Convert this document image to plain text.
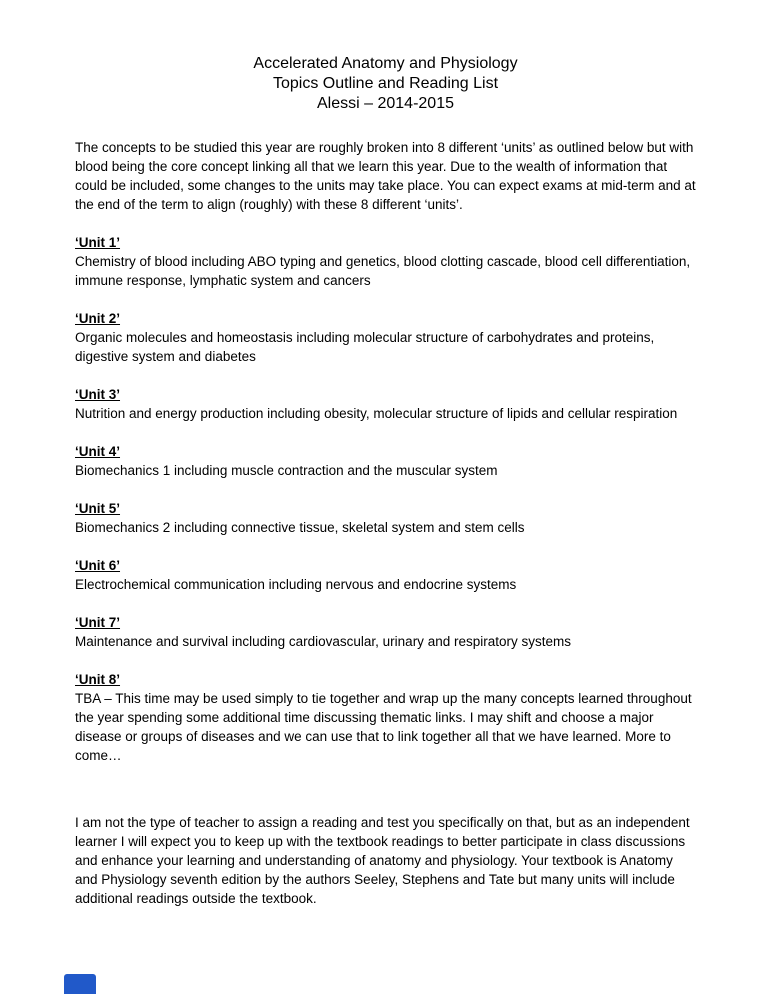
Accelerated Anatomy and Physiology
Topics Outline and Reading List
Alessi – 2014-2015

The concepts to be studied this year are roughly broken into 8 different ‘units’ as outlined below but with blood being the core concept linking all that we learn this year. Due to the wealth of information that could be included, some changes to the units may take place. You can expect exams at mid-term and at the end of the term to align (roughly) with these 8 different ‘units’.

‘Unit 1’

Chemistry of blood including ABO typing and genetics, blood clotting cascade, blood cell differentiation, immune response, lymphatic system and cancers

‘Unit 2’

Organic molecules and homeostasis including molecular structure of carbohydrates and proteins, digestive system and diabetes

‘Unit 3’

Nutrition and energy production including obesity, molecular structure of lipids and cellular respiration

‘Unit 4’

Biomechanics 1 including muscle contraction and the muscular system

‘Unit 5’

Biomechanics 2 including connective tissue, skeletal system and stem cells

‘Unit 6’

Electrochemical communication including nervous and endocrine systems

‘Unit 7’

Maintenance and survival including cardiovascular, urinary and respiratory systems

‘Unit 8’

TBA – This time may be used simply to tie together and wrap up the many concepts learned throughout the year spending some additional time discussing thematic links. I may shift and choose a major disease or groups of diseases and we can use that to link together all that we have learned. More to come…

I am not the type of teacher to assign a reading and test you specifically on that, but as an independent learner I will expect you to keep up with the textbook readings to better participate in class discussions and enhance your learning and understanding of anatomy and physiology. Your textbook is Anatomy and Physiology seventh edition by the authors Seeley, Stephens and Tate but many units will include additional readings outside the textbook.
